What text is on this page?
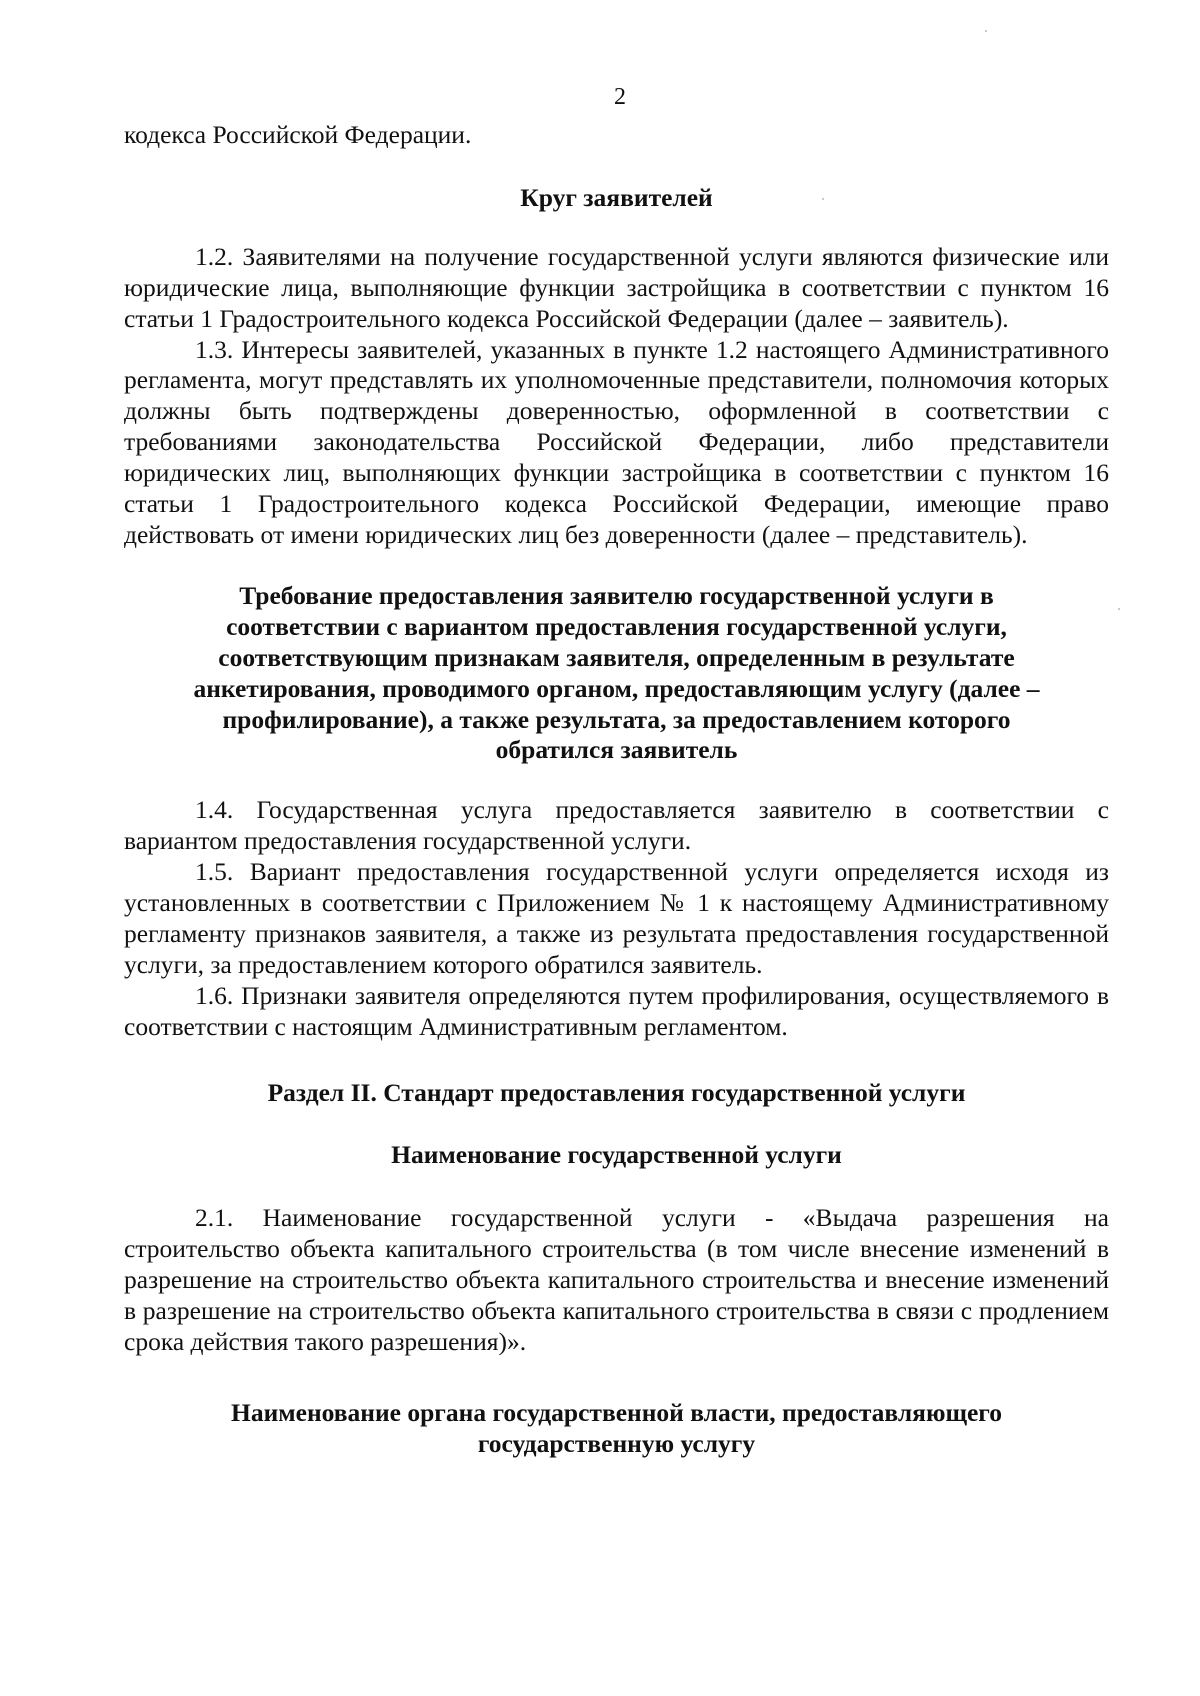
2

кодекса Российской Федерации.

Круг заявителей

1.2. Заявителями на получение государственной услуги являются физические или юридические лица, выполняющие функции застройщика в соответствии с пунктом 16 статьи 1 Градостроительного кодекса Российской Федерации (далее – заявитель).

1.3. Интересы заявителей, указанных в пункте 1.2 настоящего Административного регламента, могут представлять их уполномоченные представители, полномочия которых должны быть подтверждены доверенностью, оформленной в соответствии с требованиями законодательства Российской Федерации, либо представители юридических лиц, выполняющих функции застройщика в соответствии с пунктом 16 статьи 1 Градостроительного кодекса Российской Федерации, имеющие право действовать от имени юридических лиц без доверенности (далее – представитель).

Требование предоставления заявителю государственной услуги в соответствии с вариантом предоставления государственной услуги, соответствующим признакам заявителя, определенным в результате анкетирования, проводимого органом, предоставляющим услугу (далее – профилирование), а также результата, за предоставлением которого обратился заявитель

1.4. Государственная услуга предоставляется заявителю в соответствии с вариантом предоставления государственной услуги.

1.5. Вариант предоставления государственной услуги определяется исходя из установленных в соответствии с Приложением № 1 к настоящему Административному регламенту признаков заявителя, а также из результата предоставления государственной услуги, за предоставлением которого обратился заявитель.

1.6. Признаки заявителя определяются путем профилирования, осуществляемого в соответствии с настоящим Административным регламентом.

Раздел II. Стандарт предоставления государственной услуги
Наименование государственной услуги

2.1. Наименование государственной услуги - «Выдача разрешения на строительство объекта капитального строительства (в том числе внесение изменений в разрешение на строительство объекта капитального строительства и внесение изменений в разрешение на строительство объекта капитального строительства в связи с продлением срока действия такого разрешения)».

Наименование органа государственной власти, предоставляющего государственную услугу
